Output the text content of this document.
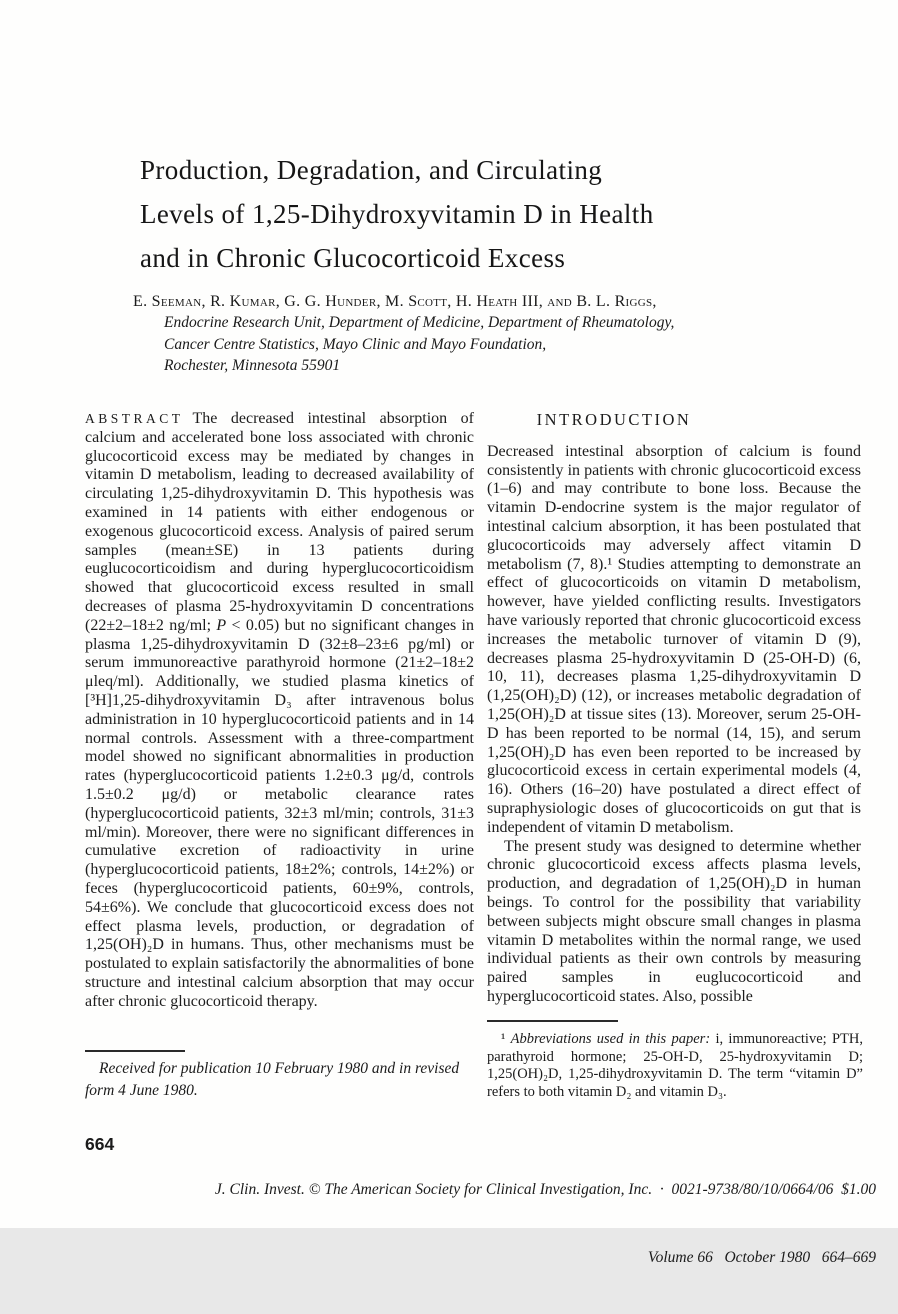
Production, Degradation, and Circulating
Levels of 1,25-Dihydroxyvitamin D in Health
and in Chronic Glucocorticoid Excess
E. Seeman, R. Kumar, G. G. Hunder, M. Scott, H. Heath III, and B. L. Riggs,
Endocrine Research Unit, Department of Medicine, Department of Rheumatology,
Cancer Centre Statistics, Mayo Clinic and Mayo Foundation,
Rochester, Minnesota 55901

ABSTRACT The decreased intestinal absorption of calcium and accelerated bone loss associated with chronic glucocorticoid excess may be mediated by changes in vitamin D metabolism, leading to decreased availability of circulating 1,25-dihydroxyvitamin D. This hypothesis was examined in 14 patients with either endogenous or exogenous glucocorticoid excess. Analysis of paired serum samples (mean±SE) in 13 patients during euglucocorticoidism and during hyperglucocorticoidism showed that glucocorticoid excess resulted in small decreases of plasma 25-hydroxyvitamin D concentrations (22±2–18±2 ng/ml; P < 0.05) but no significant changes in plasma 1,25-dihydroxyvitamin D (32±8–23±6 pg/ml) or serum immunoreactive parathyroid hormone (21±2–18±2 μleq/ml). Additionally, we studied plasma kinetics of [³H]1,25-dihydroxyvitamin D₃ after intravenous bolus administration in 10 hyperglucocorticoid patients and in 14 normal controls. Assessment with a three-compartment model showed no significant abnormalities in production rates (hyperglucocorticoid patients 1.2±0.3 μg/d, controls 1.5±0.2 μg/d) or metabolic clearance rates (hyperglucocorticoid patients, 32±3 ml/min; controls, 31±3 ml/min). Moreover, there were no significant differences in cumulative excretion of radioactivity in urine (hyperglucocorticoid patients, 18±2%; controls, 14±2%) or feces (hyperglucocorticoid patients, 60±9%, controls, 54±6%). We conclude that glucocorticoid excess does not effect plasma levels, production, or degradation of 1,25(OH)₂D in humans. Thus, other mechanisms must be postulated to explain satisfactorily the abnormalities of bone structure and intestinal calcium absorption that may occur after chronic glucocorticoid therapy.

INTRODUCTION

Decreased intestinal absorption of calcium is found consistently in patients with chronic glucocorticoid excess (1–6) and may contribute to bone loss. Because the vitamin D-endocrine system is the major regulator of intestinal calcium absorption, it has been postulated that glucocorticoids may adversely affect vitamin D metabolism (7, 8).¹ Studies attempting to demonstrate an effect of glucocorticoids on vitamin D metabolism, however, have yielded conflicting results. Investigators have variously reported that chronic glucocorticoid excess increases the metabolic turnover of vitamin D (9), decreases plasma 25-hydroxyvitamin D (25-OH-D) (6, 10, 11), decreases plasma 1,25-dihydroxyvitamin D (1,25(OH)₂D) (12), or increases metabolic degradation of 1,25(OH)₂D at tissue sites (13). Moreover, serum 25-OH-D has been reported to be normal (14, 15), and serum 1,25(OH)₂D has even been reported to be increased by glucocorticoid excess in certain experimental models (4, 16). Others (16–20) have postulated a direct effect of supraphysiologic doses of glucocorticoids on gut that is independent of vitamin D metabolism.

The present study was designed to determine whether chronic glucocorticoid excess affects plasma levels, production, and degradation of 1,25(OH)₂D in human beings. To control for the possibility that variability between subjects might obscure small changes in plasma vitamin D metabolites within the normal range, we used individual patients as their own controls by measuring paired samples in euglucocorticoid and hyperglucocorticoid states. Also, possible

Received for publication 10 February 1980 and in revised form 4 June 1980.
¹ Abbreviations used in this paper: i, immunoreactive; PTH, parathyroid hormone; 25-OH-D, 25-hydroxyvitamin D; 1,25(OH)₂D, 1,25-dihydroxyvitamin D. The term “vitamin D” refers to both vitamin D₂ and vitamin D₃.
664

J. Clin. Invest. © The American Society for Clinical Investigation, Inc.  ·  0021-9738/80/10/0664/06  $1.00

Volume 66   October 1980   664–669
